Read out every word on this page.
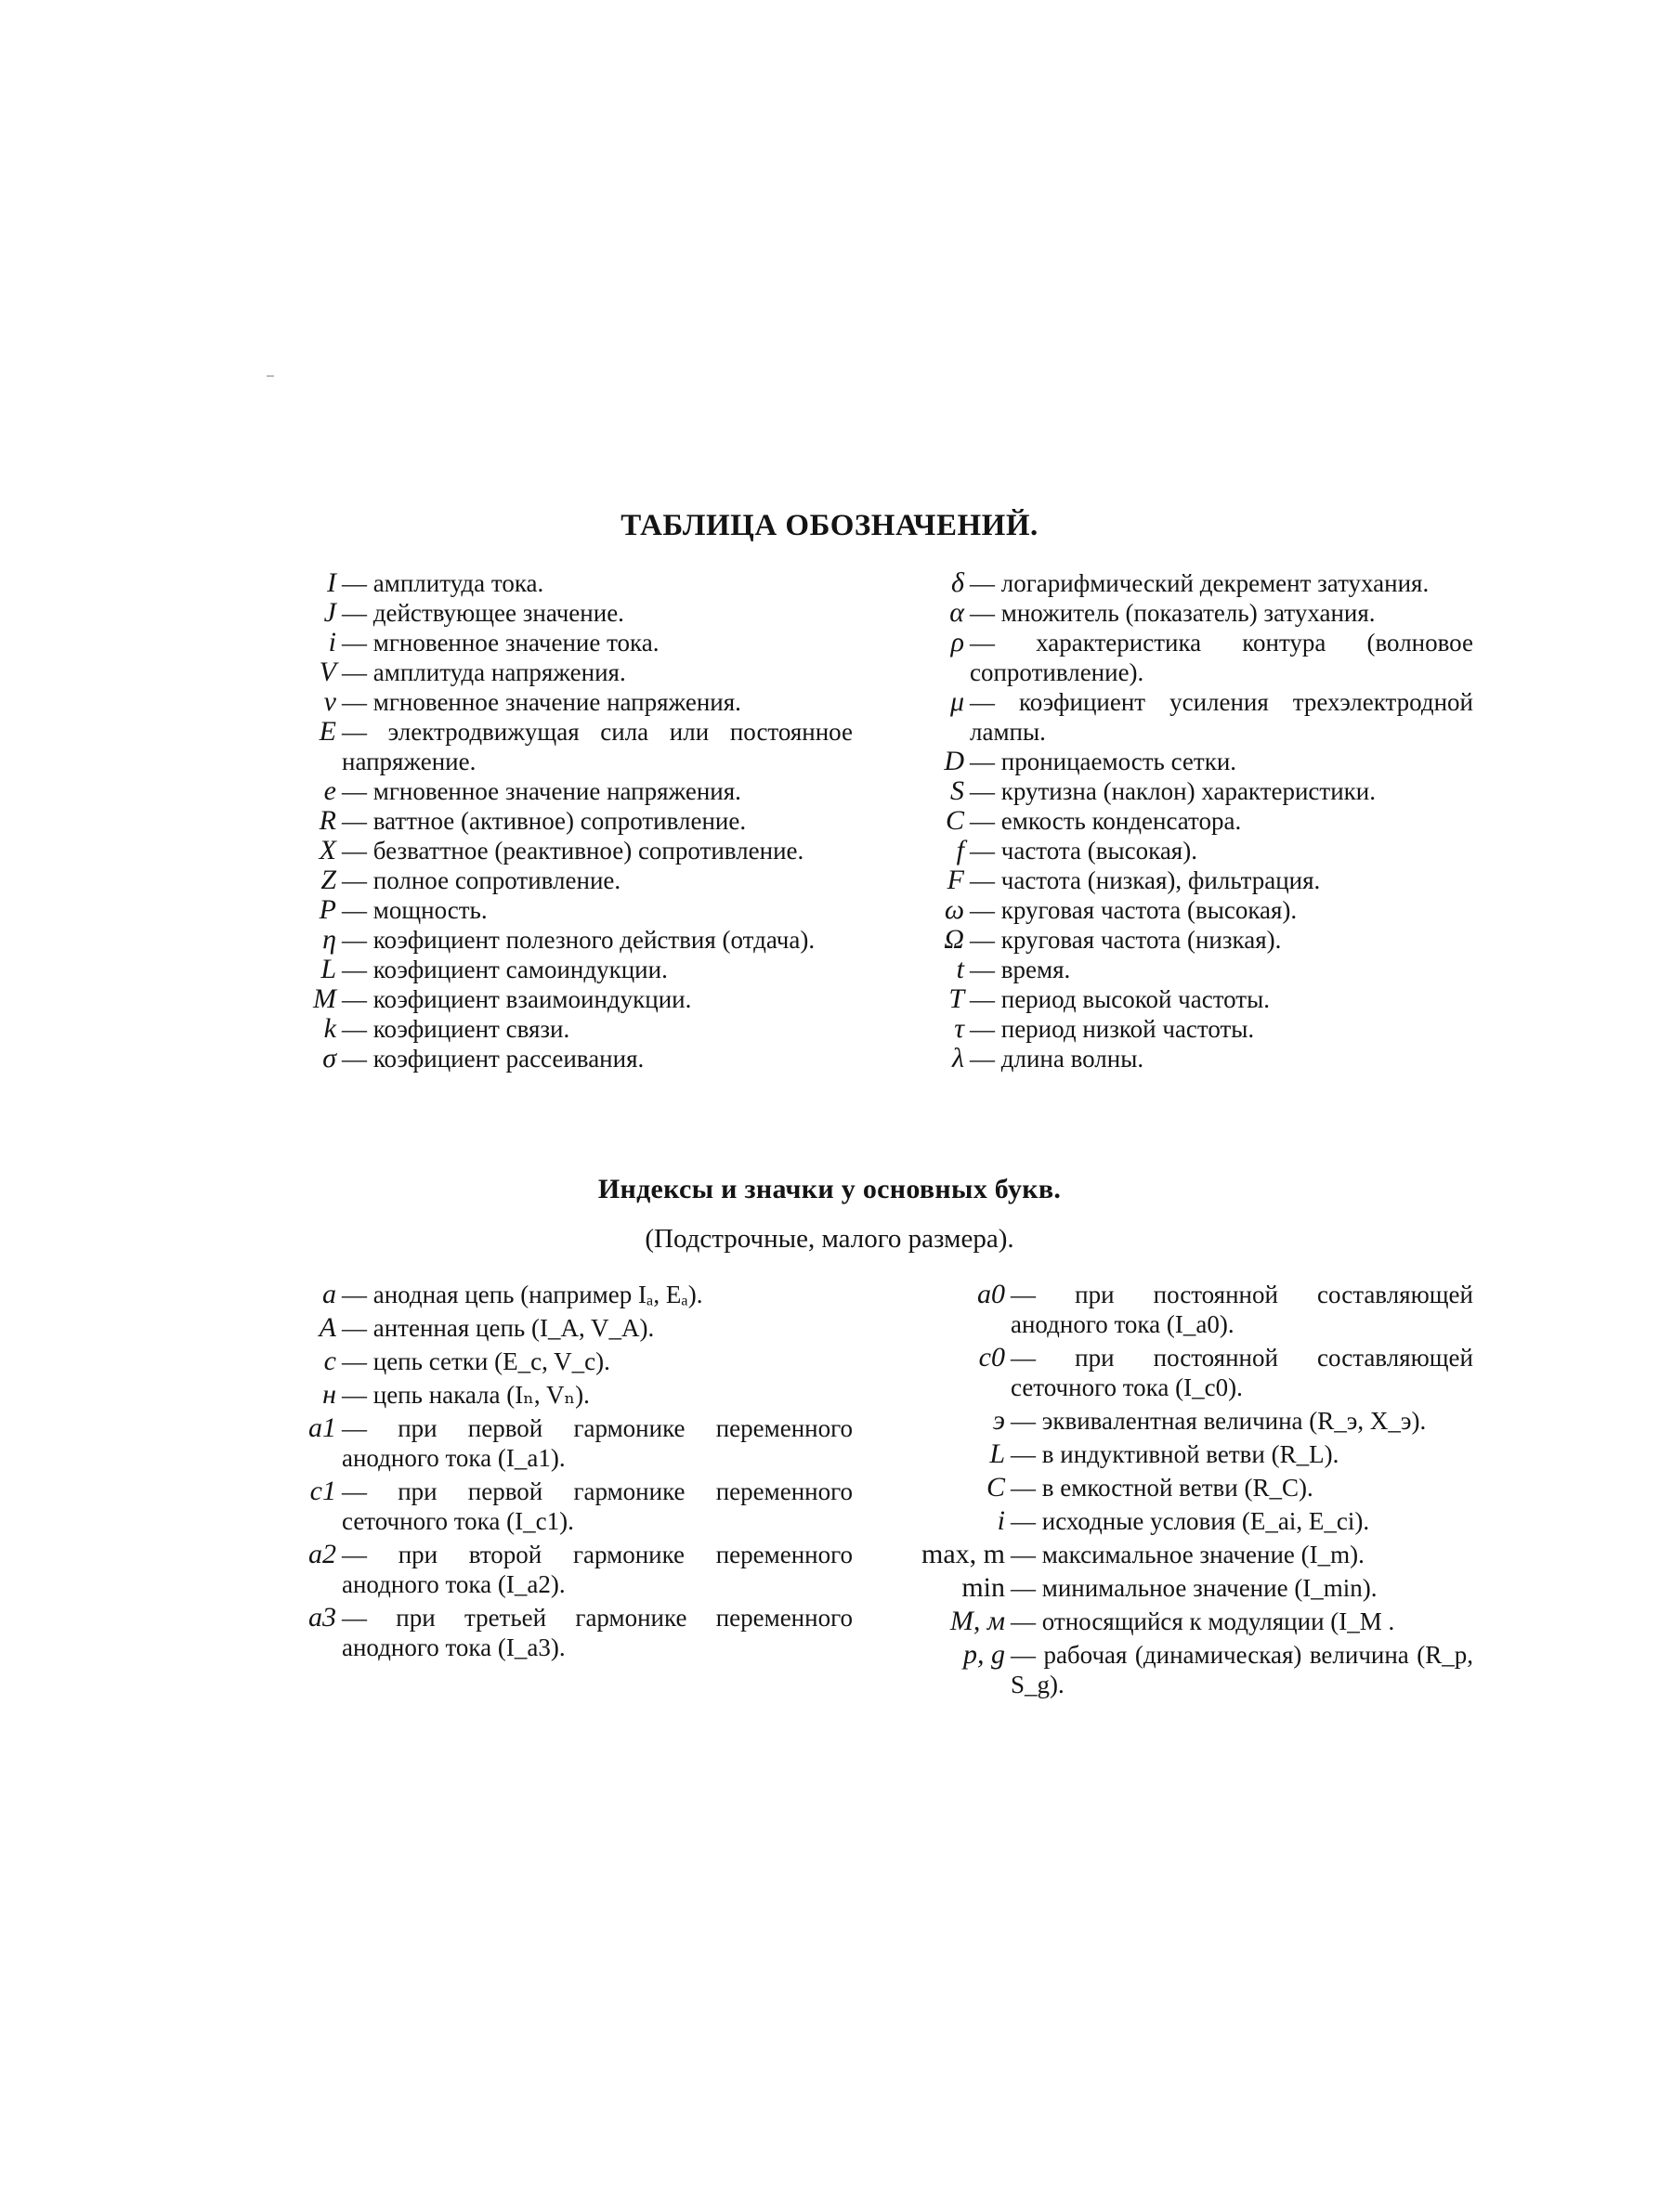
ТАБЛИЦА ОБОЗНАЧЕНИЙ.
I — амплитуда тока.
J — действующее значение.
i — мгновенное значение тока.
V — амплитуда напряжения.
v — мгновенное значение напряжения.
E — электродвижущая сила или постоянное напряжение.
e — мгновенное значение напряжения.
R — ваттное (активное) сопротивление.
X — безваттное (реактивное) сопротивление.
Z — полное сопротивление.
P — мощность.
η — коэфициент полезного действия (отдача).
L — коэфициент самоиндукции.
M — коэфициент взаимоиндукции.
k — коэфициент связи.
σ — коэфициент рассеивания.
δ — логарифмический декремент затухания.
α — множитель (показатель) затухания.
ρ — характеристика контура (волновое сопротивление).
μ — коэфициент усиления трехэлектродной лампы.
D — проницаемость сетки.
S — крутизна (наклон) характеристики.
C — емкость конденсатора.
f — частота (высокая).
F — частота (низкая), фильтрация.
ω — круговая частота (высокая).
Ω — круговая частота (низкая).
t — время.
T — период высокой частоты.
τ — период низкой частоты.
λ — длина волны.
Индексы и значки у основных букв.

(Подстрочные, малого размера).

a — анодная цепь (например Iₐ, Eₐ).
A — антенная цепь (I_A, V_A).
c — цепь сетки (E_c, V_c).
н — цепь накала (Iₙ, Vₙ).
a1 — при первой гармонике переменного анодного тока (I_a1).
c1 — при первой гармонике переменного сеточного тока (I_c1).
a2 — при второй гармонике переменного анодного тока (I_a2).
a3 — при третьей гармонике переменного анодного тока (I_a3).
a0 — при постоянной составляющей анодного тока (I_a0).
c0 — при постоянной составляющей сеточного тока (I_c0).
э — эквивалентная величина (R_э, X_э).
L — в индуктивной ветви (R_L).
C — в емкостной ветви (R_C).
i — исходные условия (E_ai, E_ci).
max, m — максимальное значение (I_m).
min — минимальное значение (I_min).
M, м — относящийся к модуляции (I_M .
p, g — рабочая (динамическая) величина (R_p, S_g).
